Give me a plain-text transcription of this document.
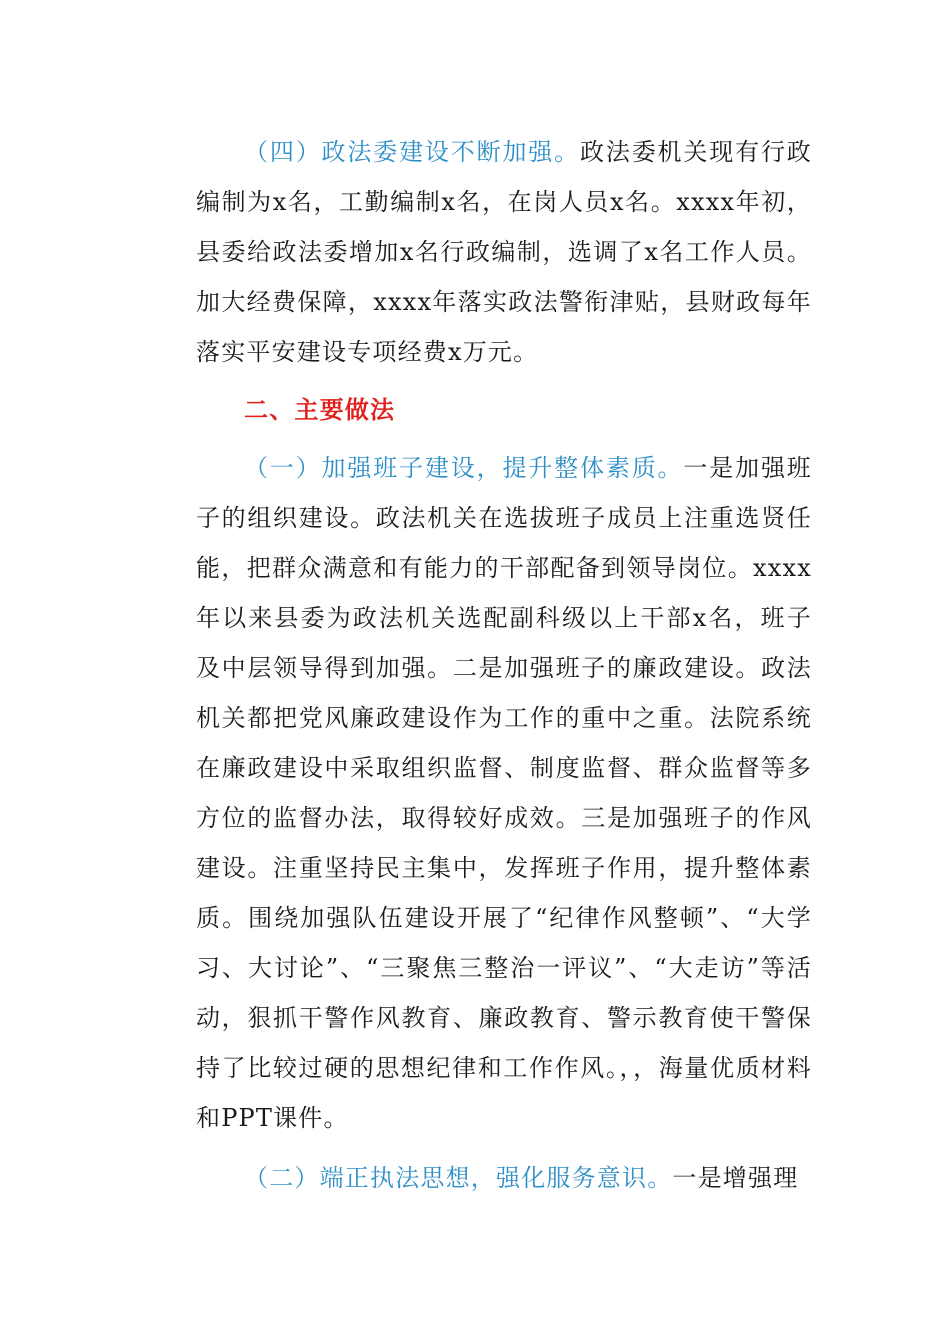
（四）政法委建设不断加强。政法委机关现有行政编制为x名，工勤编制x名，在岗人员x名。xxxx年初，县委给政法委增加x名行政编制，选调了x名工作人员。加大经费保障，xxxx年落实政法警衔津贴，县财政每年落实平安建设专项经费x万元。

二、主要做法

（一）加强班子建设，提升整体素质。一是加强班子的组织建设。政法机关在选拔班子成员上注重选贤任能，把群众满意和有能力的干部配备到领导岗位。xxxx年以来县委为政法机关选配副科级以上干部x名，班子及中层领导得到加强。二是加强班子的廉政建设。政法机关都把党风廉政建设作为工作的重中之重。法院系统在廉政建设中采取组织监督、制度监督、群众监督等多方位的监督办法，取得较好成效。三是加强班子的作风建设。注重坚持民主集中，发挥班子作用，提升整体素质。围绕加强队伍建设开展了“纪律作风整顿”、“大学习、大讨论”、“三聚焦三整治一评议”、“大走访”等活动，狠抓干警作风教育、廉政教育、警示教育使干警保持了比较过硬的思想纪律和工作作风。，，海量优质材料和PPT课件。

（二）端正执法思想，强化服务意识。一是增强理
